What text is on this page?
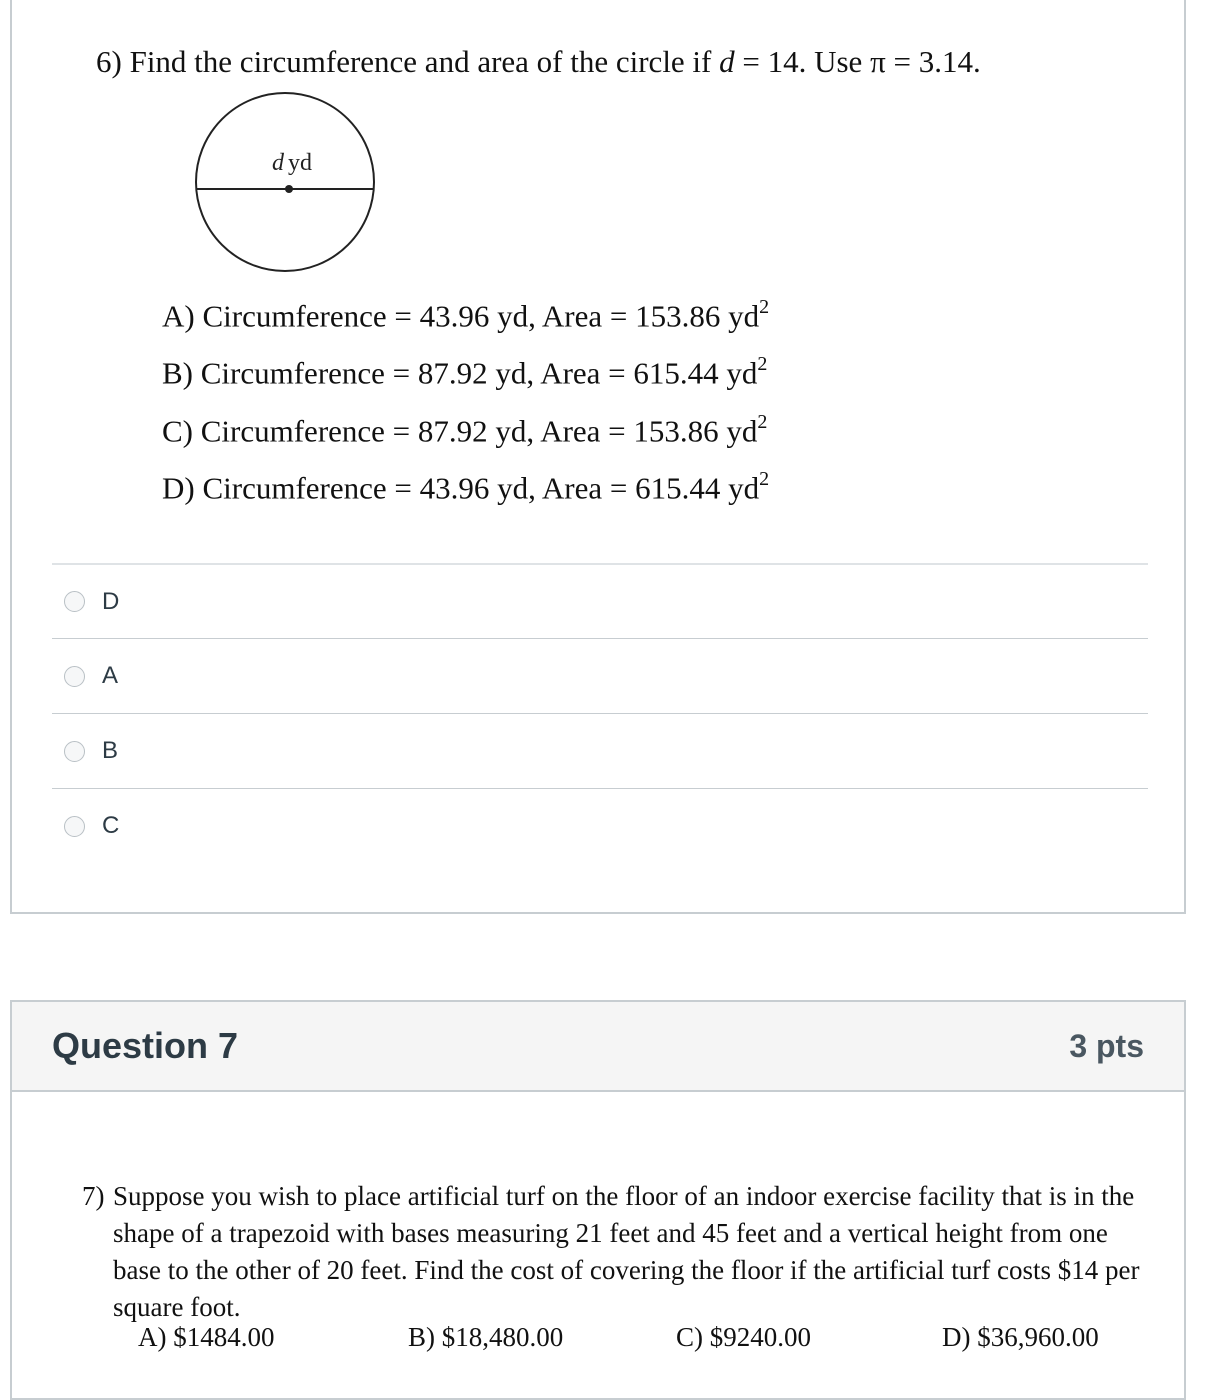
6) Find the circumference and area of the circle if d = 14. Use π = 3.14.
d yd
A) Circumference = 43.96 yd, Area = 153.86 $yd^2$
B) Circumference = 87.92 yd, Area = 615.44 $yd^2$
C) Circumference = 87.92 yd, Area = 153.86 $yd^2$
D) Circumference = 43.96 yd, Area = 615.44 $yd^2$
D
A
B
C
Question 7	3 pts
7) Suppose you wish to place artificial turf on the floor of an indoor exercise facility that is in the shape of a trapezoid with bases measuring 21 feet and 45 feet and a vertical height from one base to the other of 20 feet. Find the cost of covering the floor if the artificial turf costs $14 per square foot.
A) $1484.00	B) $18,480.00	C) $9240.00	D) $36,960.00
